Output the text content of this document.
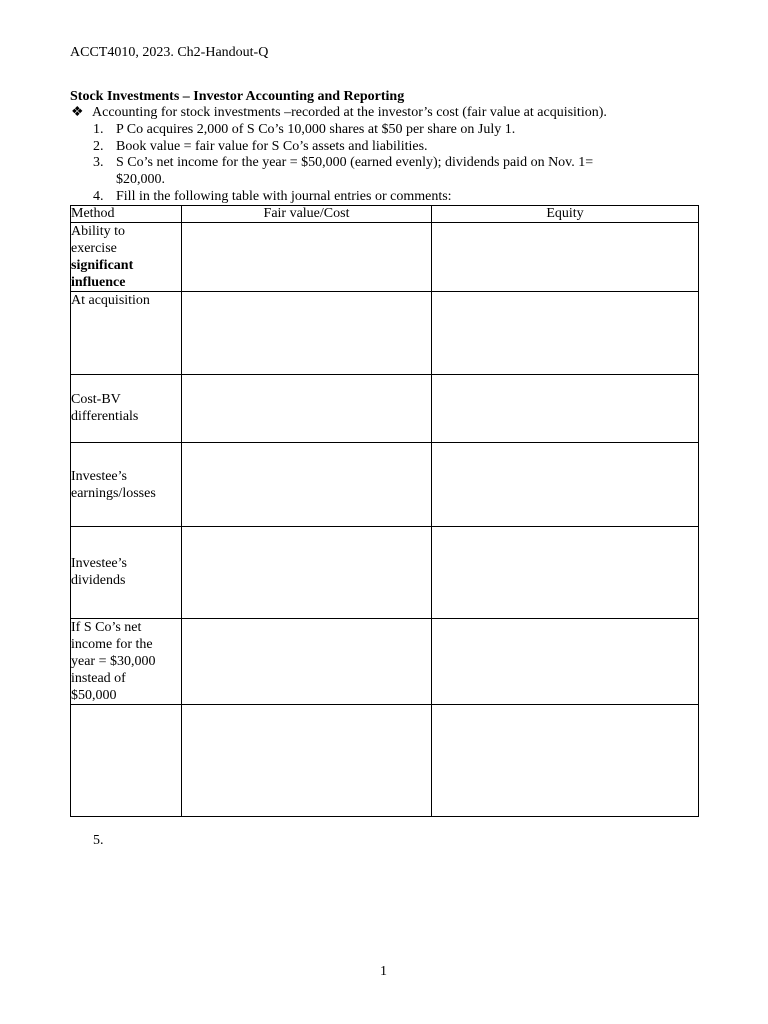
ACCT4010, 2023. Ch2-Handout-Q
Stock Investments – Investor Accounting and Reporting
❖ Accounting for stock investments –recorded at the investor’s cost (fair value at acquisition).
1. P Co acquires 2,000 of S Co’s 10,000 shares at $50 per share on July 1.
2. Book value = fair value for S Co’s assets and liabilities.
3. S Co’s net income for the year = $50,000 (earned evenly); dividends paid on Nov. 1=
$20,000.
4. Fill in the following table with journal entries or comments:
Method	Fair value/Cost	Equity

Ability to
exercise
significant
influence		

At acquisition		

Cost-BV
differentials		

Investee’s
earnings/losses		

Investee’s
dividends		

If S Co’s net
income for the
year = $30,000
instead of
$50,000		

5.
1
